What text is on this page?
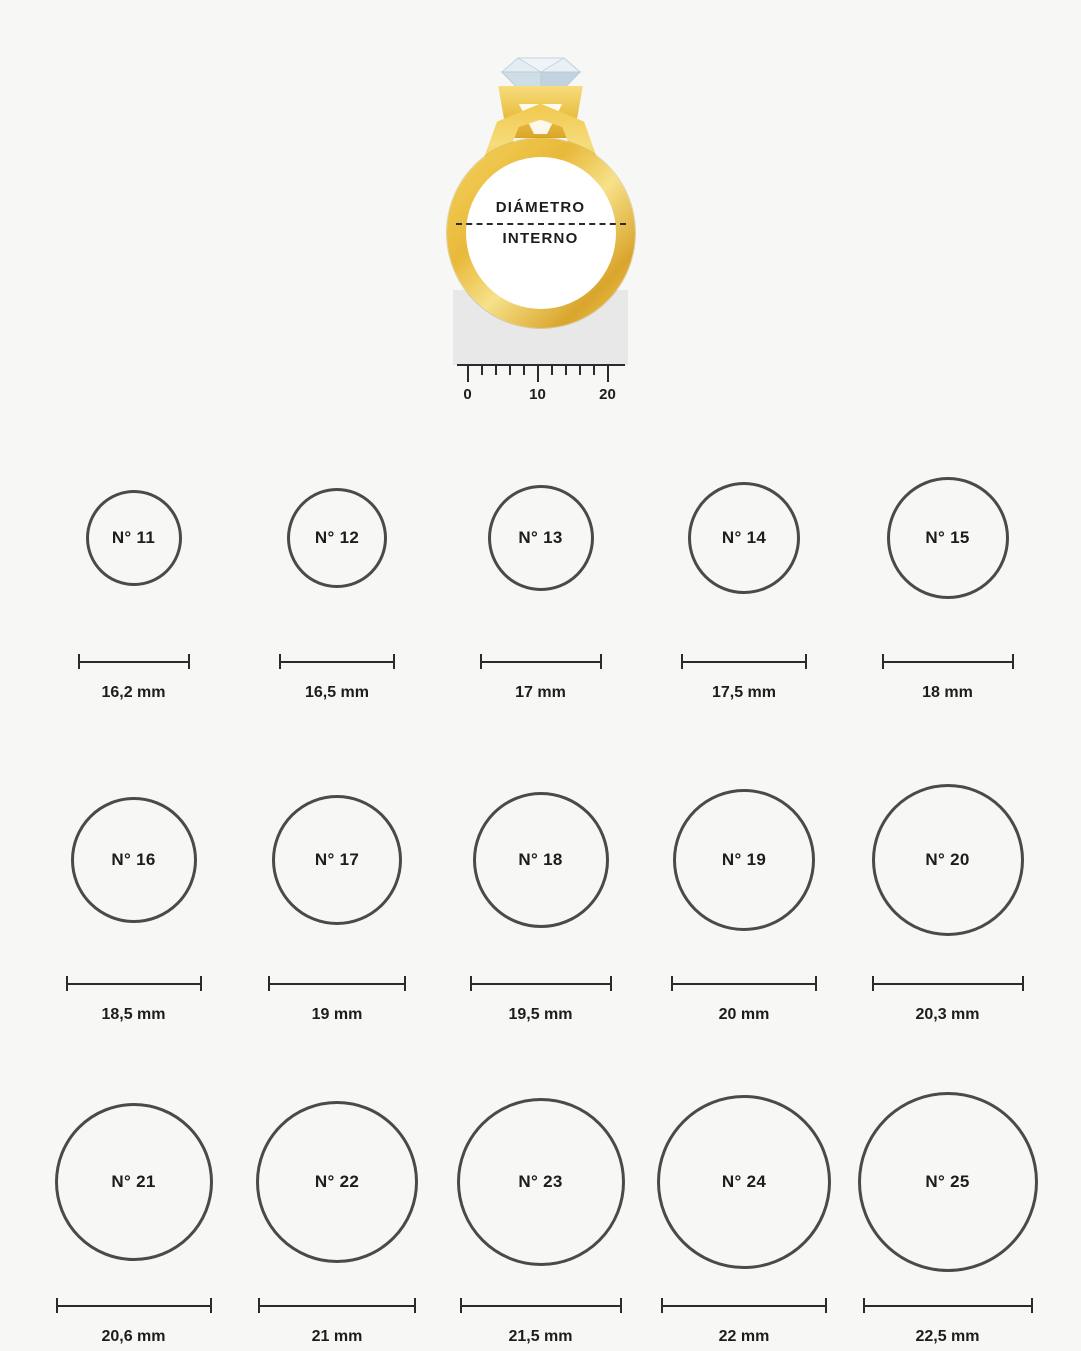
DIÁMETRO
INTERNO
0	10	20
N° 11
16,2 mm
N° 12
16,5 mm
N° 13
17 mm
N° 14
17,5 mm
N° 15
18 mm
N° 16
18,5 mm
N° 17
19 mm
N° 18
19,5 mm
N° 19
20 mm
N° 20
20,3 mm
N° 21
20,6 mm
N° 22
21 mm
N° 23
21,5 mm
N° 24
22 mm
N° 25
22,5 mm
